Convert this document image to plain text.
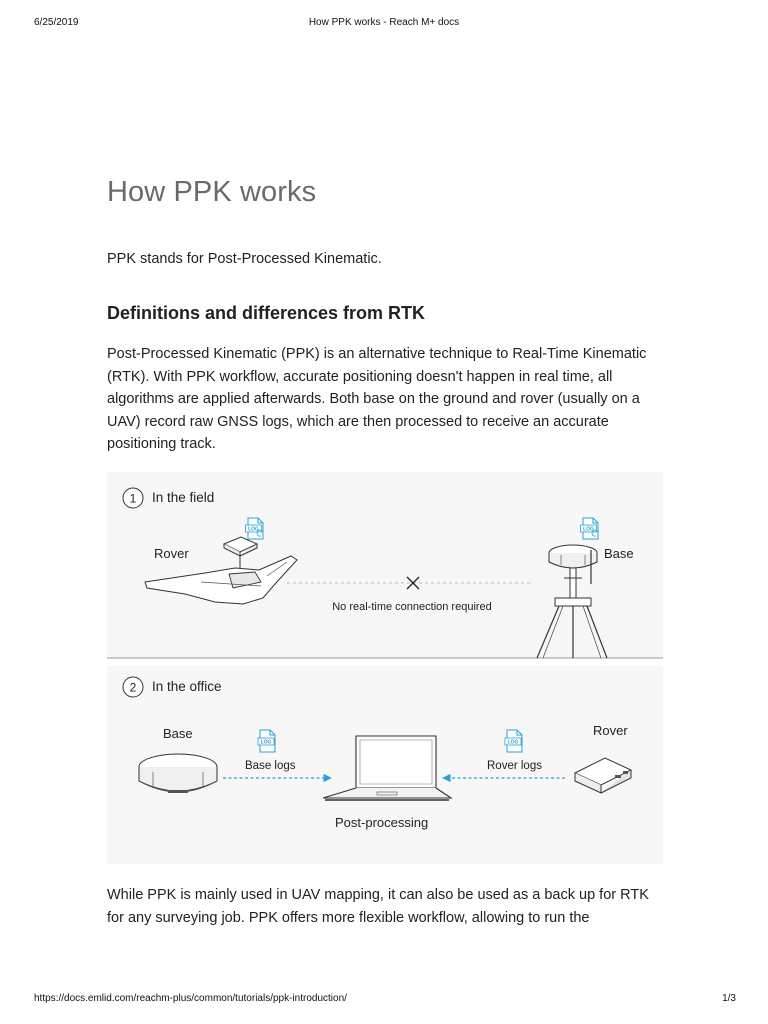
6/25/2019	How PPK works - Reach M+ docs
How PPK works

PPK stands for Post-Processed Kinematic.

Definitions and differences from RTK

Post-Processed Kinematic (PPK) is an alternative technique to Real-Time Kinematic (RTK). With PPK workflow, accurate positioning doesn't happen in real time, all algorithms are applied afterwards. Both base on the ground and rover (usually on a UAV) record raw GNSS logs, which are then processed to receive an accurate positioning track.

While PPK is mainly used in UAV mapping, it can also be used as a back up for RTK for any surveying job. PPK offers more flexible workflow, allowing to run the

1 In the field
Rover	Base
LOG
No real-time connection required
LOG
2 In the office
Base	Rover
Base logs	Rover logs
Post-processing
LOG	LOG
https://docs.emlid.com/reachm-plus/common/tutorials/ppk-introduction/	1/3
